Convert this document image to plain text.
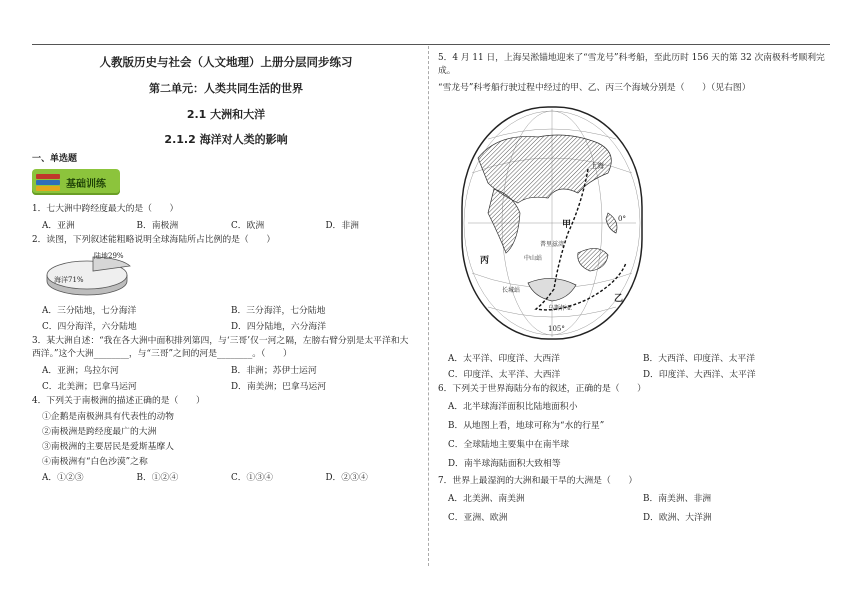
人教版历史与社会（人文地理）上册分层同步练习
第二单元：人类共同生活的世界
2.1 大洲和大洋
2.1.2 海洋对人类的影响
一、单选题
基础训练
1．七大洲中跨经度最大的是（　　）
A．亚洲	B．南极洲	C．欧洲	D．非洲
2．读图，下列叙述能粗略说明全球海陆所占比例的是（　　）
陆地29%
海洋71%
A．三分陆地，七分海洋	B．三分海洋，七分陆地
C．四分海洋，六分陆地	D．四分陆地，六分海洋
3．某大洲自述：“我在各大洲中面积排列第四，与‘三哥’仅一河之隔，左膀右臂分别是太平洋和大
西洋。”这个大洲________，与“三哥”之间的河是________。（　　）
A．亚洲；鸟拉尔河	B．非洲；苏伊士运河
C．北美洲；巴拿马运河	D．南美洲；巴拿马运河
4．下列关于南极洲的描述正确的是（　　）
①企鹅是南极洲具有代表性的动物
②南极洲是跨经度最广的大洲
③南极洲的主要居民是爱斯基摩人
④南极洲有“白色沙漠”之称
A．①②③	B．①②④	C．①③④	D．②③④
5．4 月 11 日，上海吴淞锚地迎来了“雪龙号”科考船，至此历时 156 天的第 32 次南极科考顺利完成。
“雪龙号”科考船行驶过程中经过的甲、乙、丙三个海域分别是（　　）（见右图）
上海
0°
甲
丙
乙
中山站
普里兹湾
长城站
乌斯怀亚
105°
A．太平洋、印度洋、大西洋	B．大西洋、印度洋、太平洋
C．印度洋、太平洋、大西洋	D．印度洋、大西洋、太平洋
6．下列关于世界海陆分布的叙述，正确的是（　　）
A．北半球海洋面积比陆地面积小
B．从地图上看，地球可称为“水的行星”
C．全球陆地主要集中在南半球
D．南半球海陆面积大致相等
7．世界上最湿润的大洲和最干旱的大洲是（　　）
A．北美洲、南美洲	B．南美洲、非洲
C．亚洲、欧洲	D．欧洲、大洋洲
